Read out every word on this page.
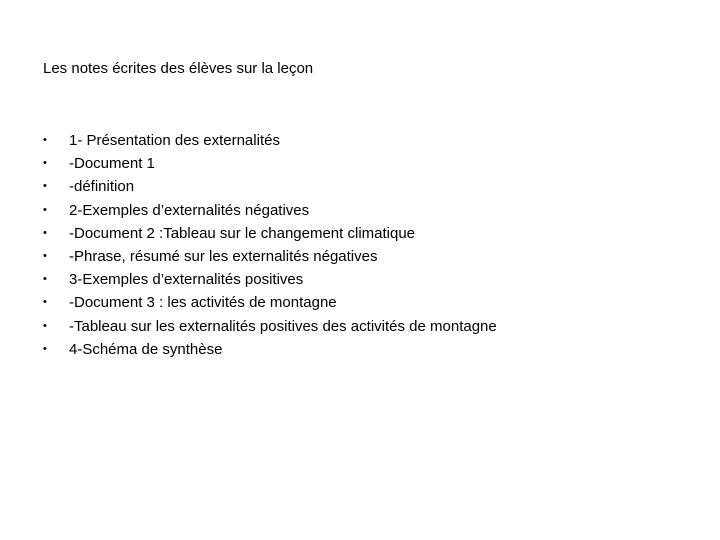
Les notes écrites des élèves sur la leçon
•	1- Présentation des externalités
•	-Document 1
•	-définition
•	2-Exemples d’externalités négatives
•	-Document 2 :Tableau sur le changement climatique
•	-Phrase, résumé sur les externalités négatives
•	3-Exemples d’externalités positives
•	-Document 3 : les activités de montagne
•	-Tableau sur les externalités positives des activités de montagne
•	4-Schéma de synthèse
